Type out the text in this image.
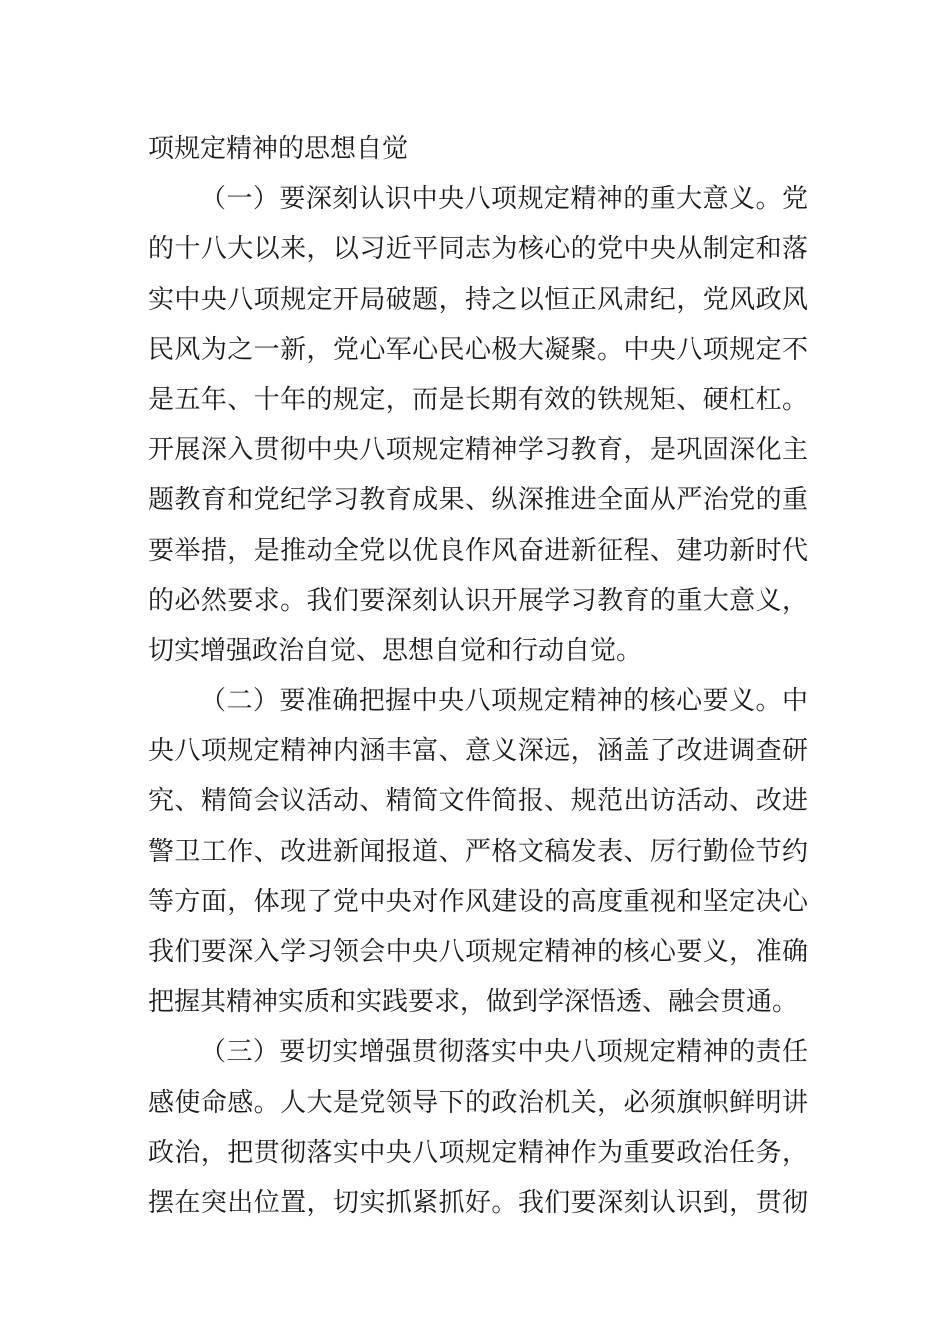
项规定精神的思想自觉
（一）要深刻认识中央八项规定精神的重大意义。党
的十八大以来，以习近平同志为核心的党中央从制定和落
实中央八项规定开局破题，持之以恒正风肃纪，党风政风
民风为之一新，党心军心民心极大凝聚。中央八项规定不
是五年、十年的规定，而是长期有效的铁规矩、硬杠杠。
开展深入贯彻中央八项规定精神学习教育，是巩固深化主
题教育和党纪学习教育成果、纵深推进全面从严治党的重
要举措，是推动全党以优良作风奋进新征程、建功新时代
的必然要求。我们要深刻认识开展学习教育的重大意义，
切实增强政治自觉、思想自觉和行动自觉。
（二）要准确把握中央八项规定精神的核心要义。中
央八项规定精神内涵丰富、意义深远，涵盖了改进调查研
究、精简会议活动、精简文件简报、规范出访活动、改进
警卫工作、改进新闻报道、严格文稿发表、厉行勤俭节约
等方面，体现了党中央对作风建设的高度重视和坚定决心
我们要深入学习领会中央八项规定精神的核心要义，准确
把握其精神实质和实践要求，做到学深悟透、融会贯通。
（三）要切实增强贯彻落实中央八项规定精神的责任
感使命感。人大是党领导下的政治机关，必须旗帜鲜明讲
政治，把贯彻落实中央八项规定精神作为重要政治任务，
摆在突出位置，切实抓紧抓好。我们要深刻认识到，贯彻
